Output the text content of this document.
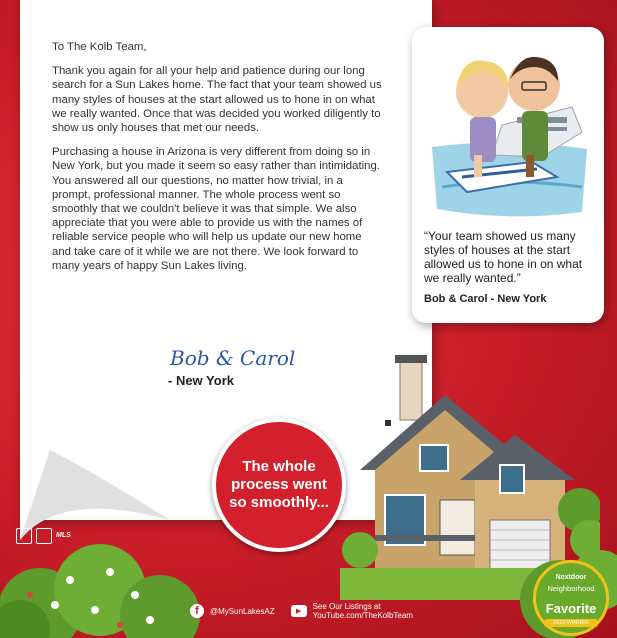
To The Kolb Team,

Thank you again for all your help and patience during our long search for a Sun Lakes home. The fact that your team showed us many styles of houses at the start allowed us to hone in on what we really wanted. Once that was decided you worked diligently to show us only houses that met our needs.

Purchasing a house in Arizona is very different from doing so in New York, but you made it seem so easy rather than intimidating. You answered all our questions, no matter how trivial, in a prompt, professional manner. The whole process went so smoothly that we couldn't believe it was that simple. We also appreciate that you were able to provide us with the names of reliable service people who will help us update our new home and take care of it while we are not there. We look forward to many years of happy Sun Lakes living.

Bob & Carol
- New York
“Your team showed us many styles of houses at the start allowed us to hone in on what we really wanted.”
Bob & Carol - New York
The whole process went so smoothly...
MLS
f	@MySunLakesAZ	▶
See Our Listings at
YouTube.com/TheKolbTeam
Nextdoor
Neighborhood
Favorite
2019 WINNER
